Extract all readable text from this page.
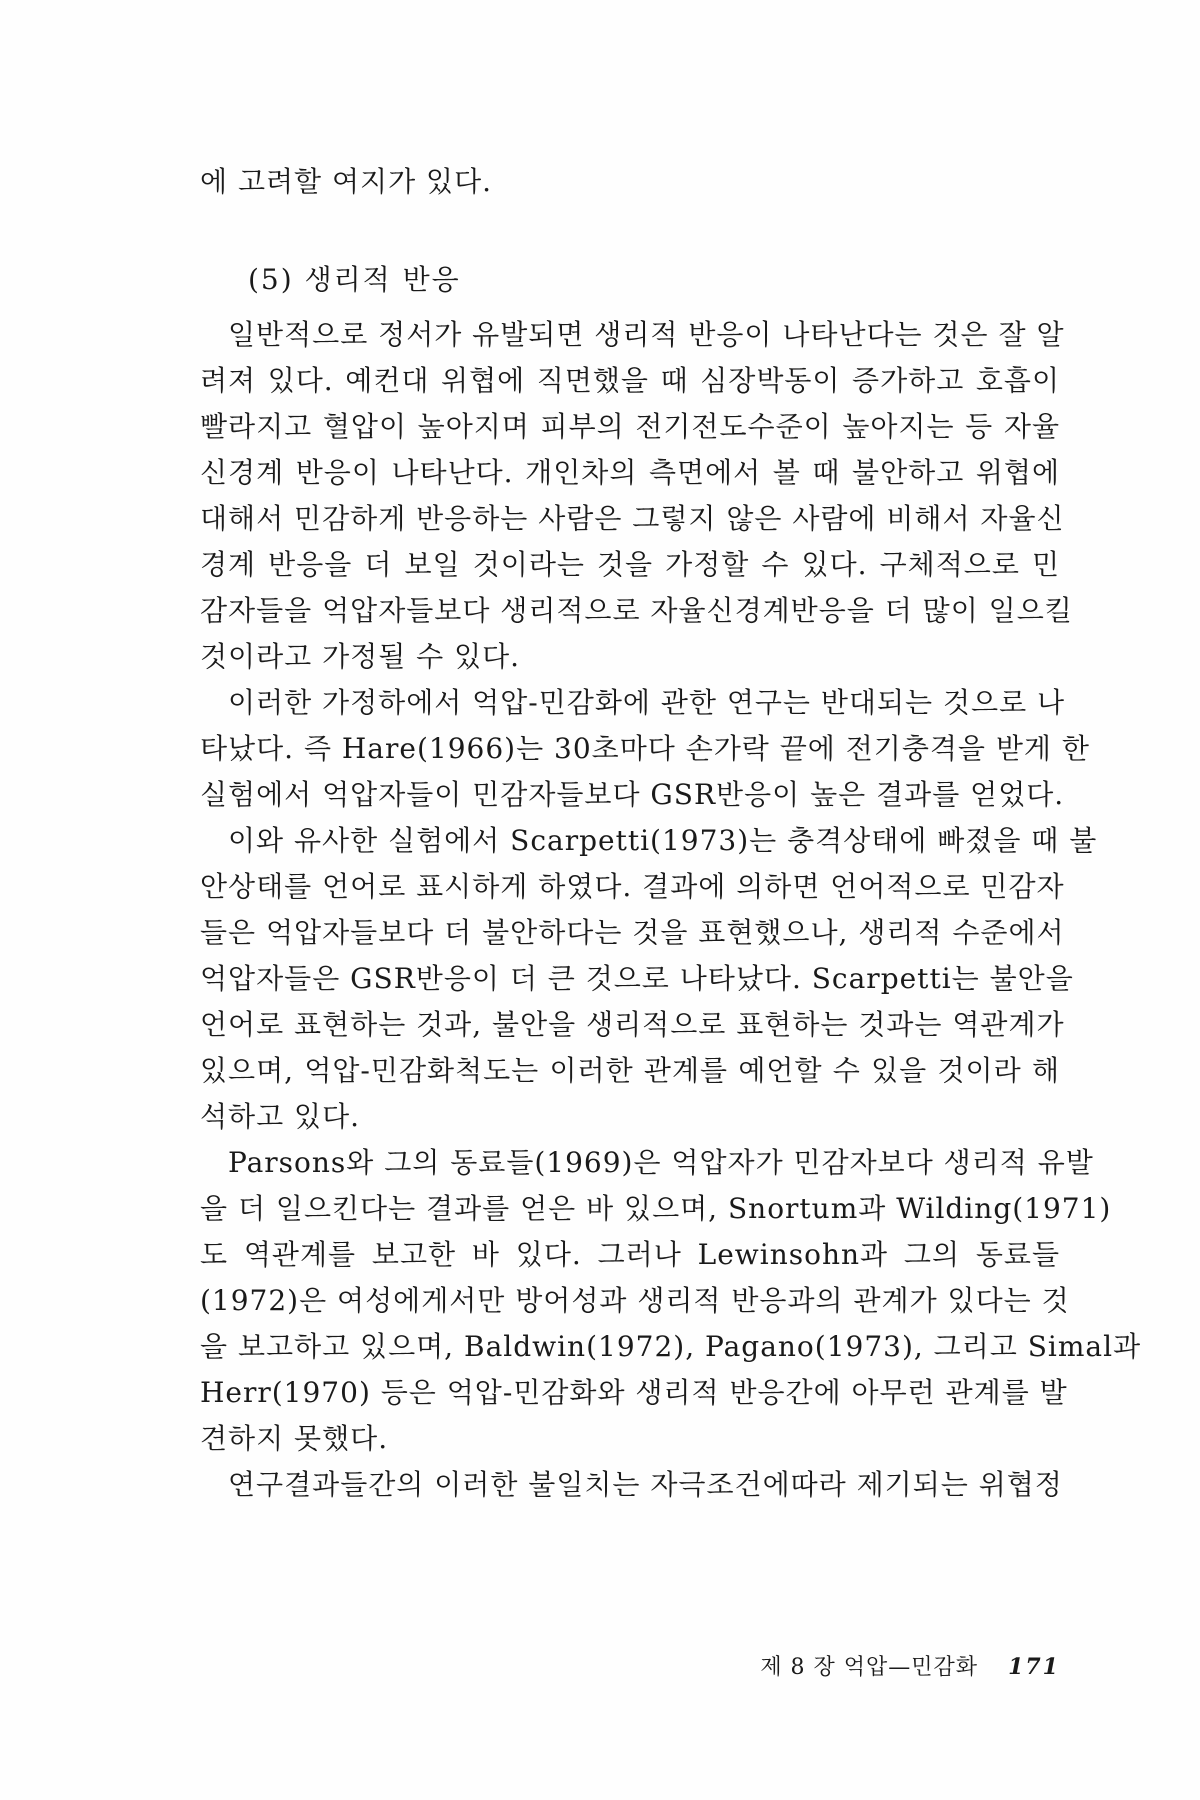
에 고려할 여지가 있다.
(5) 생리적 반응
일반적으로 정서가 유발되면 생리적 반응이 나타난다는 것은 잘 알
려져 있다. 예컨대 위협에 직면했을 때 심장박동이 증가하고 호흡이
빨라지고 혈압이 높아지며 피부의 전기전도수준이 높아지는 등 자율
신경계 반응이 나타난다. 개인차의 측면에서 볼 때 불안하고 위협에
대해서 민감하게 반응하는 사람은 그렇지 않은 사람에 비해서 자율신
경계 반응을 더 보일 것이라는 것을 가정할 수 있다. 구체적으로 민
감자들을 억압자들보다 생리적으로 자율신경계반응을 더 많이 일으킬
것이라고 가정될 수 있다.
이러한 가정하에서 억압-민감화에 관한 연구는 반대되는 것으로 나
타났다. 즉 Hare(1966)는 30초마다 손가락 끝에 전기충격을 받게 한
실험에서 억압자들이 민감자들보다 GSR반응이 높은 결과를 얻었다.
이와 유사한 실험에서 Scarpetti(1973)는 충격상태에 빠졌을 때 불
안상태를 언어로 표시하게 하였다. 결과에 의하면 언어적으로 민감자
들은 억압자들보다 더 불안하다는 것을 표현했으나, 생리적 수준에서
억압자들은 GSR반응이 더 큰 것으로 나타났다. Scarpetti는 불안을
언어로 표현하는 것과, 불안을 생리적으로 표현하는 것과는 역관계가
있으며, 억압-민감화척도는 이러한 관계를 예언할 수 있을 것이라 해
석하고 있다.
Parsons와 그의 동료들(1969)은 억압자가 민감자보다 생리적 유발
을 더 일으킨다는 결과를 얻은 바 있으며, Snortum과 Wilding(1971)
도 역관계를 보고한 바 있다. 그러나 Lewinsohn과 그의 동료들
(1972)은 여성에게서만 방어성과 생리적 반응과의 관계가 있다는 것
을 보고하고 있으며, Baldwin(1972), Pagano(1973), 그리고 Simal과
Herr(1970) 등은 억압-민감화와 생리적 반응간에 아무런 관계를 발
견하지 못했다.
연구결과들간의 이러한 불일치는 자극조건에따라 제기되는 위협정
제 8 장 억압—민감화 171
